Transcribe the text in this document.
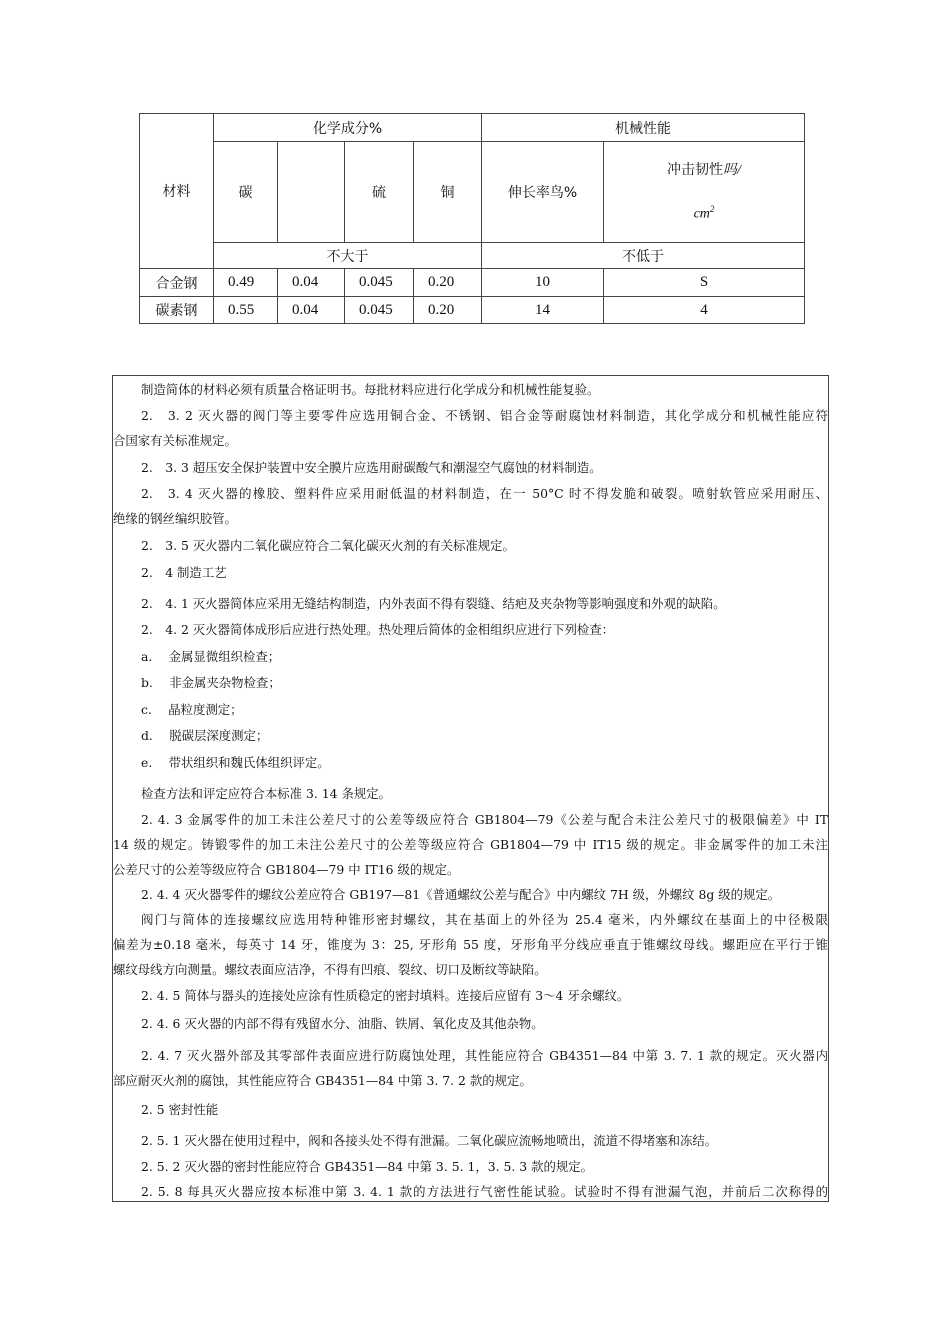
材料	化学成分%				机械性能	
	碳		硫	铜	伸长率鸟%	冲击韧性吗/
$cm^2$

	不大于				不低于	
合金钢	0.49	0.04	0.045	0.20	10	S
碳素钢	0.55	0.04	0.045	0.20	14	4
制造简体的材料必须有质量合格证明书。每批材料应进行化学成分和机械性能复验。
2.　3. 2 灭火器的阀门等主要零件应选用铜合金、不锈钢、铝合金等耐腐蚀材料制造，其化学成分和机械性能应符
合国家有关标准规定。
2.　3. 3 超压安全保护装置中安全膜片应选用耐碳酸气和潮湿空气腐蚀的材料制造。
2.　3. 4 灭火器的橡胶、塑料件应采用耐低温的材料制造，在一 50°C 时不得发脆和破裂。喷射软管应采用耐压、
绝缘的钢丝编织胶管。
2.　3. 5 灭火器内二氧化碳应符合二氧化碳灭火剂的有关标准规定。
2.　4 制造工艺
2.　4. 1 灭火器简体应采用无缝结构制造，内外表面不得有裂缝、结疤及夹杂物等影响强度和外观的缺陷。
2.　4. 2 灭火器简体成形后应进行热处理。热处理后简体的金相组织应进行下列检查：
a.　 金属显微组织检查；
b.　 非金属夹杂物检查；
c.　 晶粒度测定；
d.　 脱碳层深度测定；
e.　 带状组织和魏氏体组织评定。
检查方法和评定应符合本标准 3. 14 条规定。
2. 4. 3 金属零件的加工未注公差尺寸的公差等级应符合 GB1804—79《公差与配合未注公差尺寸的极限偏差》中 IT
14 级的规定。铸锻零件的加工未注公差尺寸的公差等级应符合 GB1804—79 中 IT15 级的规定。非金属零件的加工未注
公差尺寸的公差等级应符合 GB1804—79 中 IT16 级的规定。
2. 4. 4 灭火器零件的螺纹公差应符合 GB197—81《普通螺纹公差与配合》中内螺纹 7H 级，外螺纹 8g 级的规定。
阀门与简体的连接螺纹应选用特种锥形密封螺纹，其在基面上的外径为 25.4 毫米，内外螺纹在基面上的中径极限
偏差为±0.18 毫米，每英寸 14 牙，锥度为 3：25, 牙形角 55 度，牙形角平分线应垂直于锥螺纹母线。螺距应在平行于锥
螺纹母线方向测量。螺纹表面应洁净，不得有凹痕、裂纹、切口及断纹等缺陷。
2. 4. 5 简体与器头的连接处应涂有性质稳定的密封填料。连接后应留有 3〜4 牙余螺纹。
2. 4. 6 灭火器的内部不得有残留水分、油脂、铁屑、氧化皮及其他杂物。
2. 4. 7 灭火器外部及其零部件表面应进行防腐蚀处理，其性能应符合 GB4351—84 中第 3. 7. 1 款的规定。灭火器内
部应耐灭火剂的腐蚀，其性能应符合 GB4351—84 中第 3. 7. 2 款的规定。
2. 5 密封性能
2. 5. 1 灭火器在使用过程中，阀和各接头处不得有泄漏。二氧化碳应流畅地喷出，流道不得堵塞和冻结。
2. 5. 2 灭火器的密封性能应符合 GB4351—84 中第 3. 5. 1，3. 5. 3 款的规定。
2. 5. 8 每具灭火器应按本标准中第 3. 4. 1 款的方法进行气密性能试验。试验时不得有泄漏气泡，并前后二次称得的
